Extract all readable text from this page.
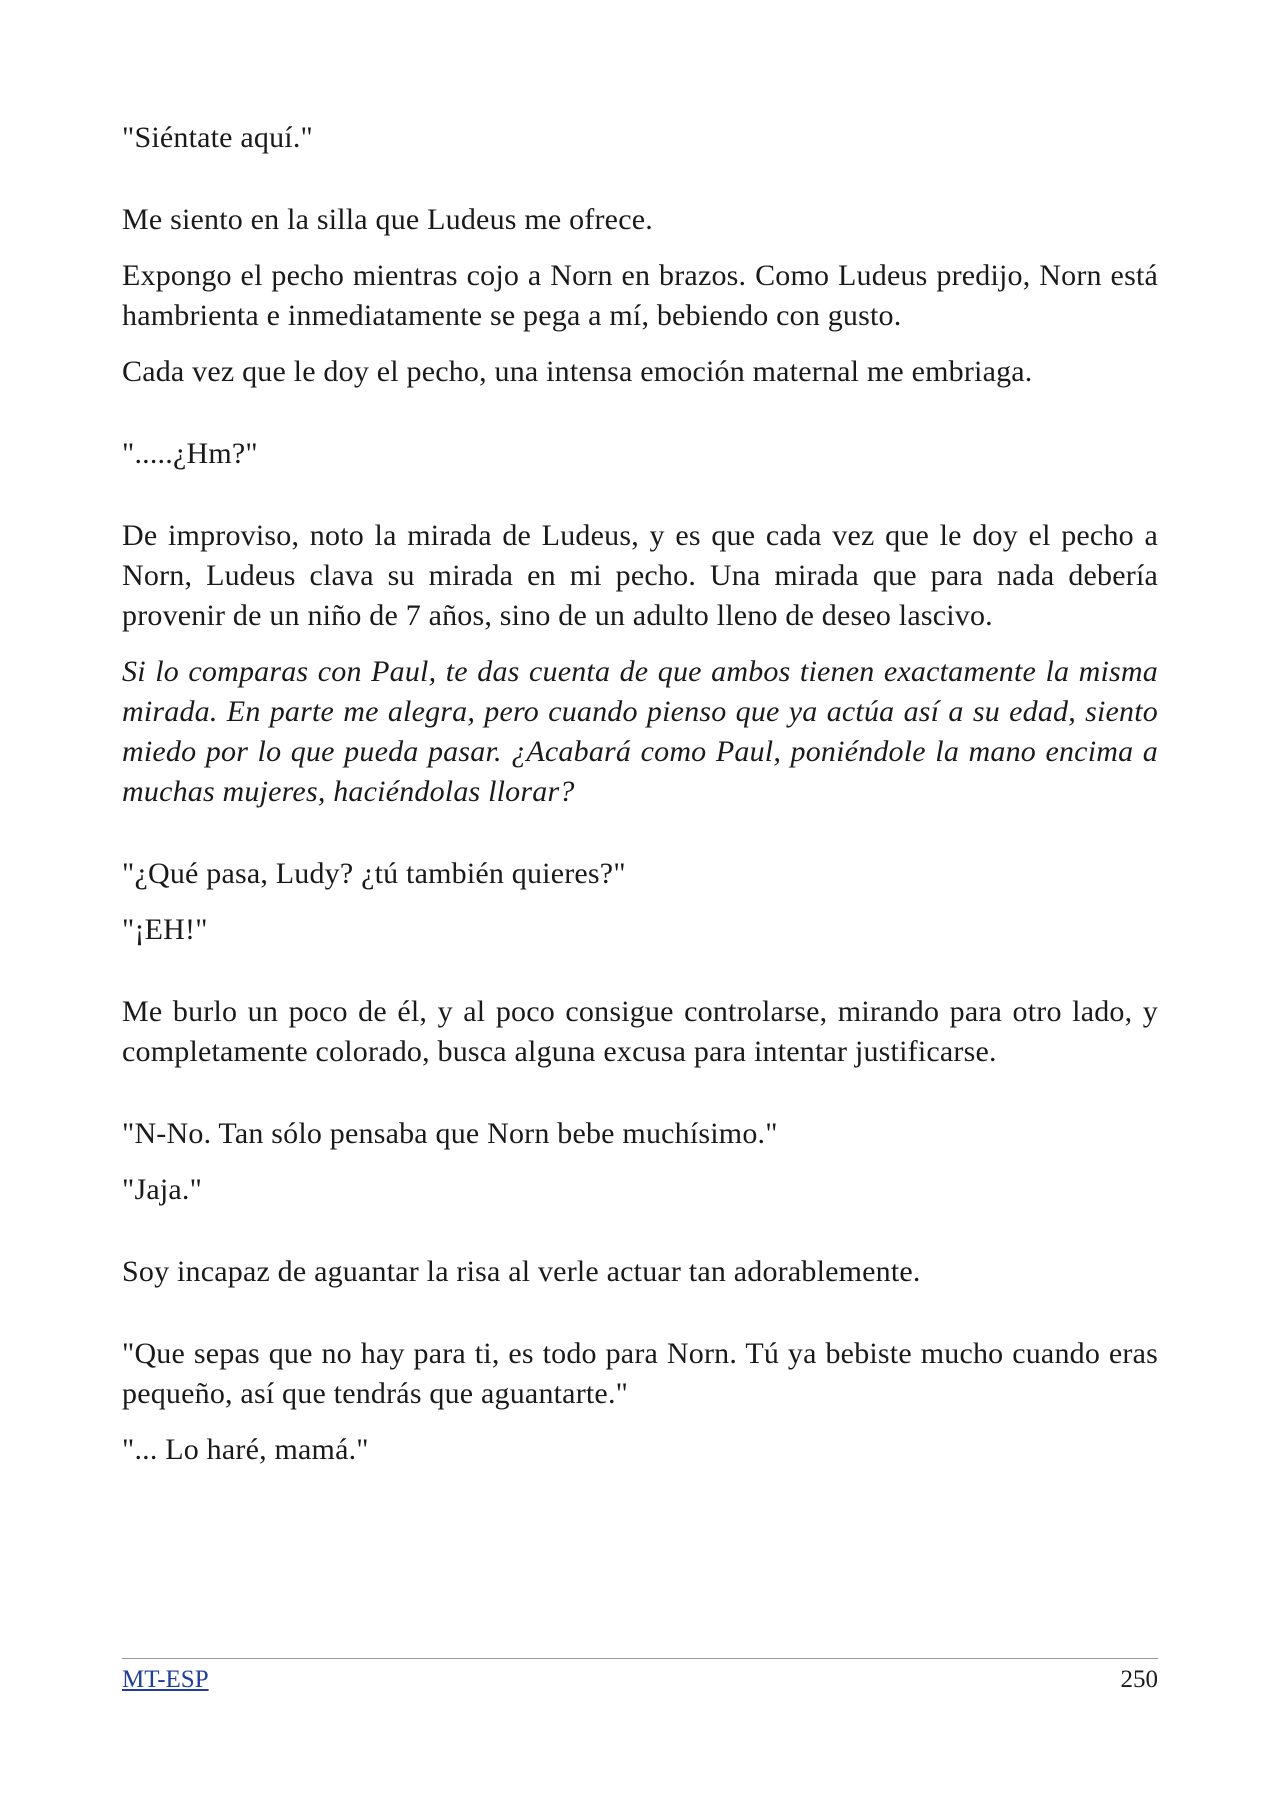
"Siéntate aquí."

Me siento en la silla que Ludeus me ofrece.

Expongo el pecho mientras cojo a Norn en brazos. Como Ludeus predijo, Norn está hambrienta e inmediatamente se pega a mí, bebiendo con gusto.

Cada vez que le doy el pecho, una intensa emoción maternal me embriaga.

".....¿Hm?"

De improviso, noto la mirada de Ludeus, y es que cada vez que le doy el pecho a Norn, Ludeus clava su mirada en mi pecho. Una mirada que para nada debería provenir de un niño de 7 años, sino de un adulto lleno de deseo lascivo.

Si lo comparas con Paul, te das cuenta de que ambos tienen exactamente la misma mirada. En parte me alegra, pero cuando pienso que ya actúa así a su edad, siento miedo por lo que pueda pasar. ¿Acabará como Paul, poniéndole la mano encima a muchas mujeres, haciéndolas llorar?

"¿Qué pasa, Ludy? ¿tú también quieres?"

"¡EH!"

Me burlo un poco de él, y al poco consigue controlarse, mirando para otro lado, y completamente colorado, busca alguna excusa para intentar justificarse.

"N-No. Tan sólo pensaba que Norn bebe muchísimo."

"Jaja."

Soy incapaz de aguantar la risa al verle actuar tan adorablemente.

"Que sepas que no hay para ti, es todo para Norn. Tú ya bebiste mucho cuando eras pequeño, así que tendrás que aguantarte."

"... Lo haré, mamá."

MT-ESP	250
